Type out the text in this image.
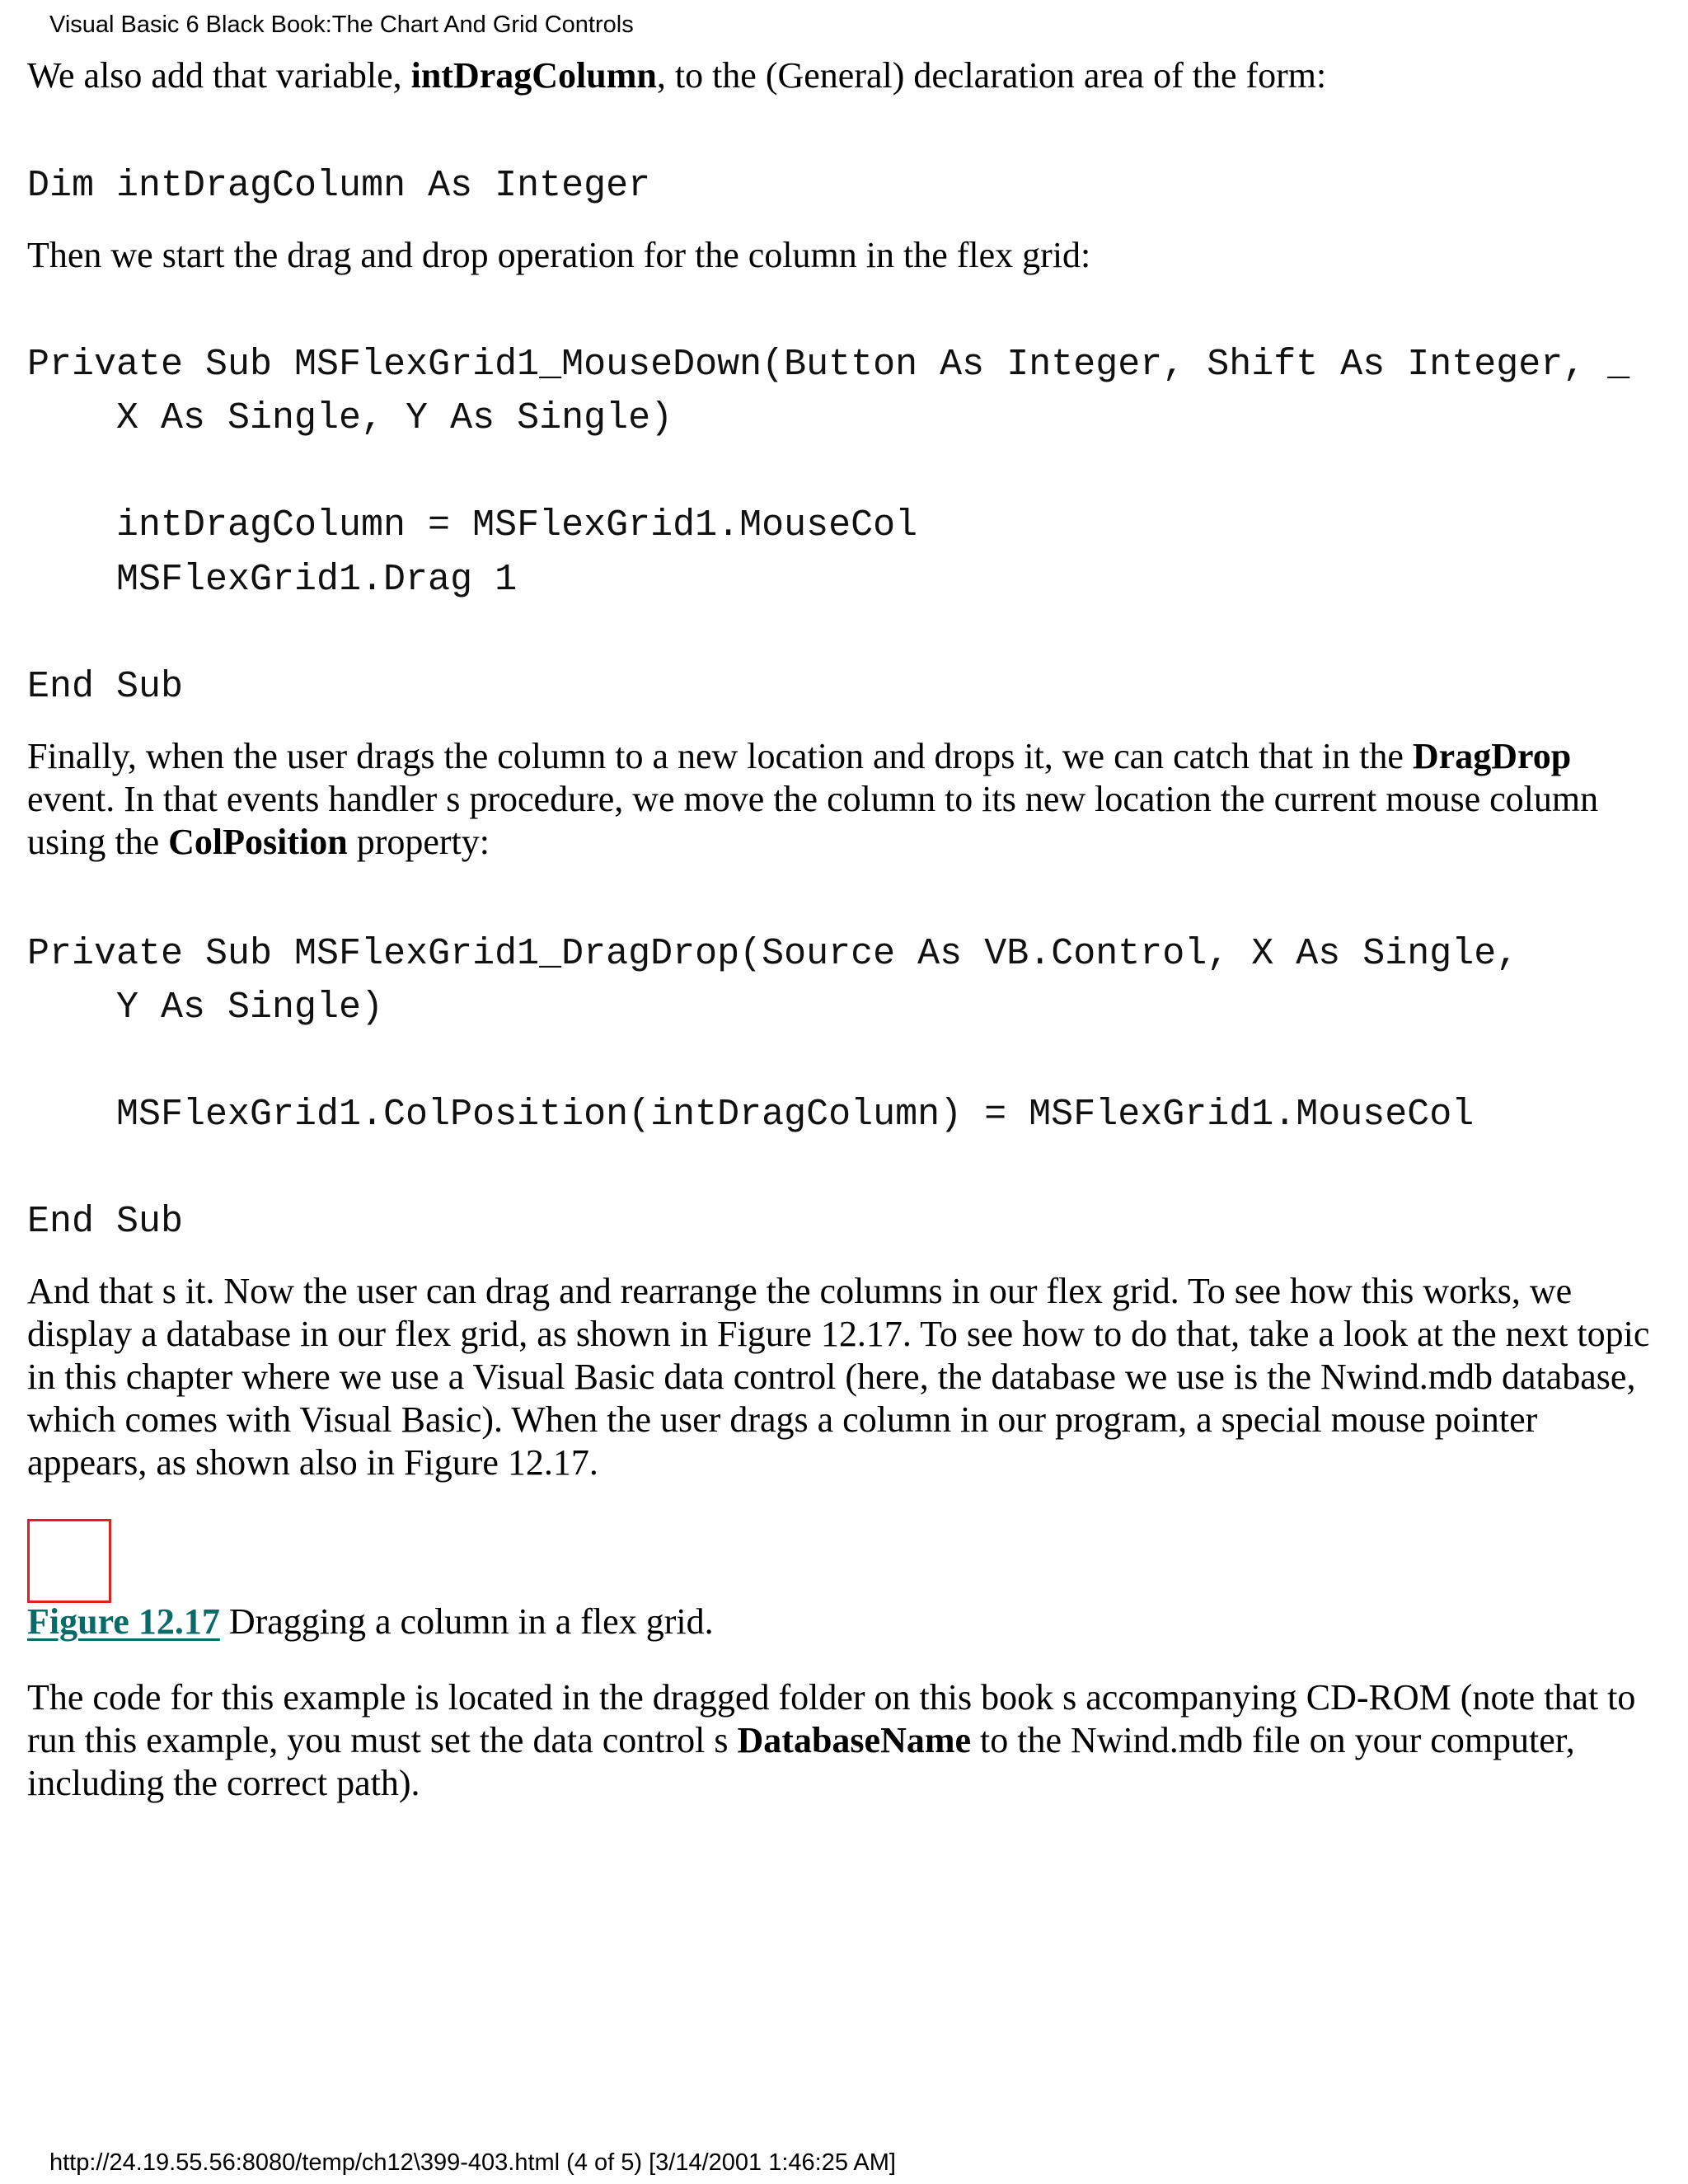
Visual Basic 6 Black Book:The Chart And Grid Controls

We also add that variable, intDragColumn, to the (General) declaration area of the form:

Dim intDragColumn As Integer

Then we start the drag and drop operation for the column in the flex grid:

Private Sub MSFlexGrid1_MouseDown(Button As Integer, Shift As Integer, _
X As Single, Y As Single)
intDragColumn = MSFlexGrid1.MouseCol
MSFlexGrid1.Drag 1
End Sub

Finally, when the user drags the column to a new location and drops it, we can catch that in the DragDrop event. In that events handler s procedure, we move the column to its new location the current mouse column using the ColPosition property:

Private Sub MSFlexGrid1_DragDrop(Source As VB.Control, X As Single,
Y As Single)
MSFlexGrid1.ColPosition(intDragColumn) = MSFlexGrid1.MouseCol
End Sub

And that s it. Now the user can drag and rearrange the columns in our flex grid. To see how this works, we display a database in our flex grid, as shown in Figure 12.17. To see how to do that, take a look at the next topic in this chapter where we use a Visual Basic data control (here, the database we use is the Nwind.mdb database, which comes with Visual Basic). When the user drags a column in our program, a special mouse pointer appears, as shown also in Figure 12.17.

Figure 12.17 Dragging a column in a flex grid.

The code for this example is located in the dragged folder on this book s accompanying CD-ROM (note that to run this example, you must set the data control s DatabaseName to the Nwind.mdb file on your computer, including the correct path).

http://24.19.55.56:8080/temp/ch12\399-403.html (4 of 5) [3/14/2001 1:46:25 AM]
